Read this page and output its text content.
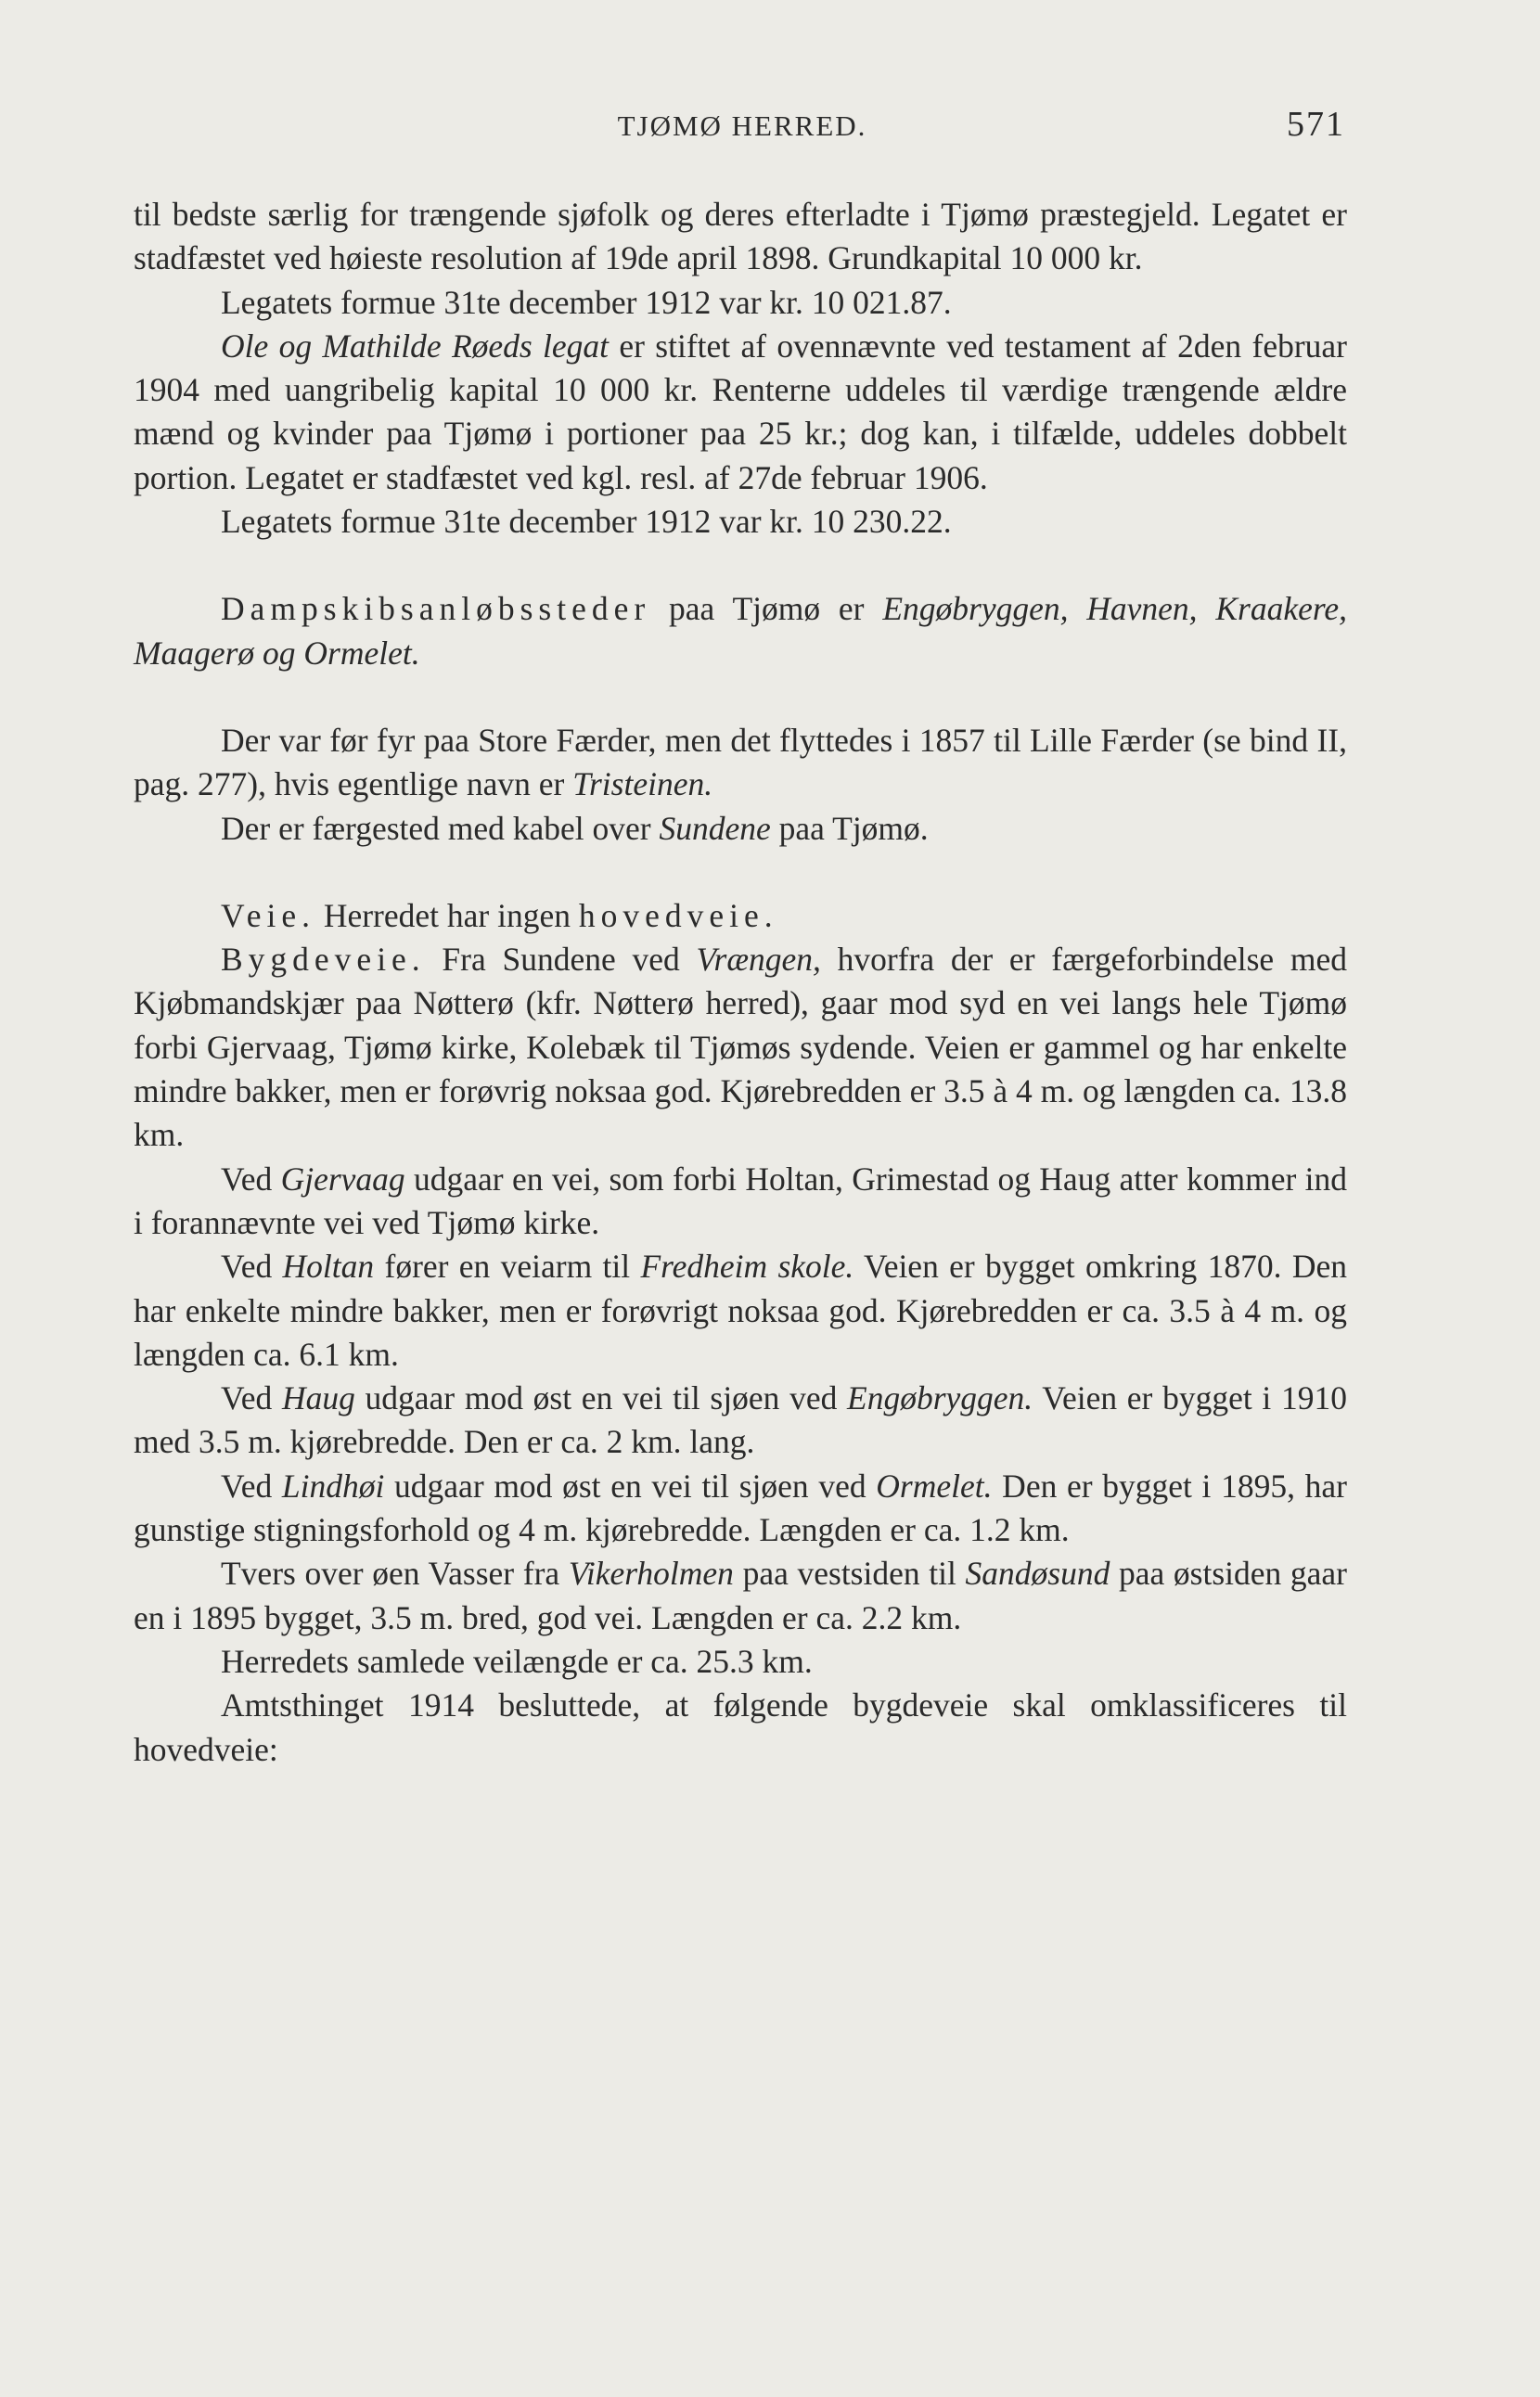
TJØMØ HERRED.	571

til bedste særlig for trængende sjøfolk og deres efterladte i Tjømø præstegjeld. Legatet er stadfæstet ved høieste resolution af 19de april 1898. Grundkapital 10 000 kr.

Legatets formue 31te december 1912 var kr. 10 021.87.

Ole og Mathilde Røeds legat er stiftet af ovennævnte ved testament af 2den februar 1904 med uangribelig kapital 10 000 kr. Renterne uddeles til værdige trængende ældre mænd og kvinder paa Tjømø i portioner paa 25 kr.; dog kan, i tilfælde, uddeles dobbelt portion. Legatet er stadfæstet ved kgl. resl. af 27de februar 1906.

Legatets formue 31te december 1912 var kr. 10 230.22.

Dampskibsanløbssteder paa Tjømø er Engøbryggen, Havnen, Kraakere, Maagerø og Ormelet.

Der var før fyr paa Store Færder, men det flyttedes i 1857 til Lille Færder (se bind II, pag. 277), hvis egentlige navn er Tristeinen.

Der er færgested med kabel over Sundene paa Tjømø.

Veie. Herredet har ingen hovedveie.

Bygdeveie. Fra Sundene ved Vrængen, hvorfra der er færgeforbindelse med Kjøbmandskjær paa Nøtterø (kfr. Nøtterø herred), gaar mod syd en vei langs hele Tjømø forbi Gjervaag, Tjømø kirke, Kolebæk til Tjømøs sydende. Veien er gammel og har enkelte mindre bakker, men er forøvrig noksaa god. Kjørebredden er 3.5 à 4 m. og længden ca. 13.8 km.

Ved Gjervaag udgaar en vei, som forbi Holtan, Grimestad og Haug atter kommer ind i forannævnte vei ved Tjømø kirke.

Ved Holtan fører en veiarm til Fredheim skole. Veien er bygget omkring 1870. Den har enkelte mindre bakker, men er forøvrigt noksaa god. Kjørebredden er ca. 3.5 à 4 m. og længden ca. 6.1 km.

Ved Haug udgaar mod øst en vei til sjøen ved Engøbryggen. Veien er bygget i 1910 med 3.5 m. kjørebredde. Den er ca. 2 km. lang.

Ved Lindhøi udgaar mod øst en vei til sjøen ved Ormelet. Den er bygget i 1895, har gunstige stigningsforhold og 4 m. kjørebredde. Længden er ca. 1.2 km.

Tvers over øen Vasser fra Vikerholmen paa vestsiden til Sandøsund paa østsiden gaar en i 1895 bygget, 3.5 m. bred, god vei. Længden er ca. 2.2 km.

Herredets samlede veilængde er ca. 25.3 km.

Amtsthinget 1914 besluttede, at følgende bygdeveie skal omklassificeres til hovedveie:
